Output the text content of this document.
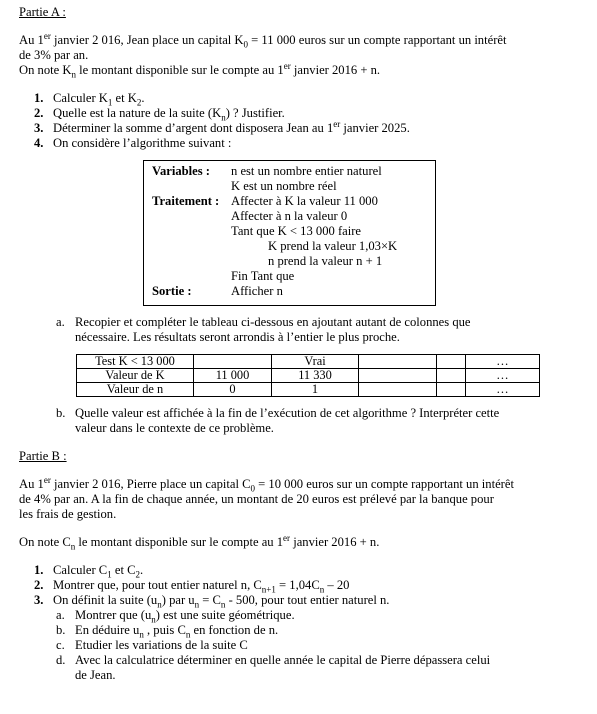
Partie A :

Au 1er janvier 2 016, Jean place un capital $K_0 = 11$ 000 euros sur un compte rapportant un intérêt

de 3% par an.

On note $K_n$ le montant disponible sur le compte au 1er janvier 2016 + n.

1. Calculer $K_1$ et $K_2$.
2. Quelle est la nature de la suite $(K_n)$ ? Justifier.
3. Déterminer la somme d’argent dont disposera Jean au 1er janvier 2025.
4. On considère l’algorithme suivant :
Variables :	n est un nombre entier naturel
K est un nombre réel
Traitement : Affecter à K la valeur 11 000
Affecter à n la valeur 0
Tant que K < 13 000 faire
K prend la valeur 1,03×K
n prend la valeur n + 1
Fin Tant que
Sortie :	Afficher n
a. Recopier et compléter le tableau ci-dessous en ajoutant autant de colonnes que

nécessaire. Les résultats seront arrondis à l’entier le plus proche.

Test K < 13 000		Vrai			…
Valeur de K	11 000	11 330			…
Valeur de n	0	1			…
b. Quelle valeur est affichée à la fin de l’exécution de cet algorithme ? Interpréter cette

valeur dans le contexte de ce problème.

Partie B :

Au 1er janvier 2 016, Pierre place un capital $C_0 = 10$ 000 euros sur un compte rapportant un intérêt

de 4% par an. A la fin de chaque année, un montant de 20 euros est prélevé par la banque pour

les frais de gestion.

On note $C_n$ le montant disponible sur le compte au 1er janvier 2016 + n.

1. Calculer $C_1$ et $C_2$.
2. Montrer que, pour tout entier naturel n, $C_{n+1} = 1,04C_n - 20$
3. On définit la suite $(u_n)$ par $u_n = C_n - 500$, pour tout entier naturel n.
a. Montrer que $(u_n)$ est une suite géométrique.
b. En déduire $u_n$ , puis $C_n$ en fonction de n.
c. Etudier les variations de la suite C
d. Avec la calculatrice déterminer en quelle année le capital de Pierre dépassera celui
de Jean.
